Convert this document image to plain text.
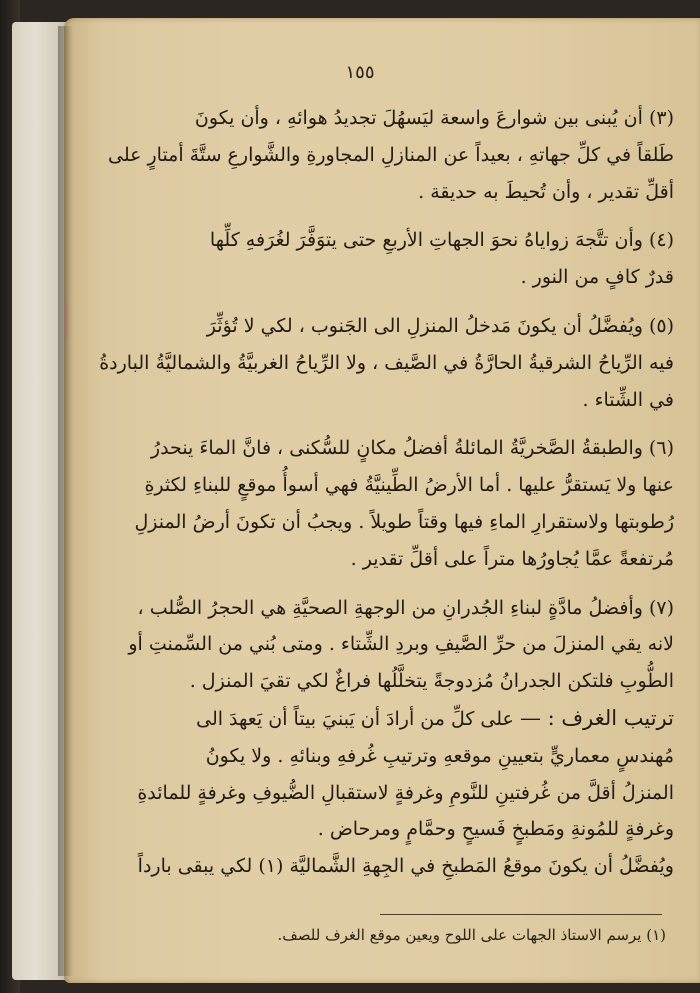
١٥٥

(٣) أن يُبنى بين شوارعَ واسعة ليَسهُلَ تجديدُ هوائهِ ، وأن يكونَ

طَلقاً في كلِّ جهاتهِ ، بعيداً عن المنازلِ المجاورةِ والشَّوارعِ ستَّةَ أمتارٍ على

أقلِّ تقدير ، وأن تُحيطَ به حديقة .

(٤) وأن تتَّجهَ زواياهُ نحوَ الجهاتِ الأربعِ حتى يتوَفَّرَ لغُرَفهِ كلِّها

قدرٌ كافٍ من النور .

(٥) ويُفضَّلُ أن يكونَ مَدخلُ المنزلِ الى الجَنوب ، لكي لا تُؤثِّرَ

فيه الرِّياحُ الشرقيةُ الحارَّةُ في الصَّيف ، ولا الرِّياحُ الغربيَّةُ والشماليَّةُ الباردةُ

في الشِّتاء .

(٦) والطبقةُ الصَّخريَّةُ المائلةُ أفضلُ مكانٍ للسُّكنى ، فانَّ الماءَ ينحدرُ

عنها ولا يَستقرُّ عليها . أما الأرضُ الطِّينيَّةُ فهي أسوأُ موقعٍ للبناءِ لكثرةِ

رُطوبتها ولاستقرارِ الماءِ فيها وقتاً طويلاً . ويجبُ أن تكونَ أرضُ المنزلِ

مُرتفعةً عمَّا يُجاورُها متراً على أقلِّ تقدير .

(٧) وأفضلُ مادَّةٍ لبناءِ الجُدرانِ من الوجهةِ الصحيَّةِ هي الحجرُ الصُّلب ،

لانه يقي المنزلَ من حرِّ الصَّيفِ وبردِ الشِّتاء . ومتى بُني من السِّمنتِ أو

الطُّوبِ فلتكن الجدرانُ مُزدوجةً يتخلَّلُها فراغٌ لكي تقيَ المنزل .

ترتيب الغرف : — على كلِّ من أرادَ أن يَبنيَ بيتاً أن يَعهدَ الى

مُهندسٍ معماريٍّ بتعيينِ موقعهِ وترتيبِ غُرفهِ وبنائهِ . ولا يكونُ

المنزلُ أقلَّ من غُرفتينِ للنَّومِ وغرفةٍ لاستقبالِ الضُّيوفِ وغرفةٍ للمائدةِ

وغرفةٍ للمُونةِ ومَطبخٍ فَسيحٍ وحمَّامٍ ومرحاض .

ويُفضَّلُ أن يكونَ موقعُ المَطبخِ في الجِهةِ الشَّماليَّة (١) لكي يبقى بارداً

(١) يرسم الاستاذ الجهات على اللوح ويعين موقع الغرف للصف.
